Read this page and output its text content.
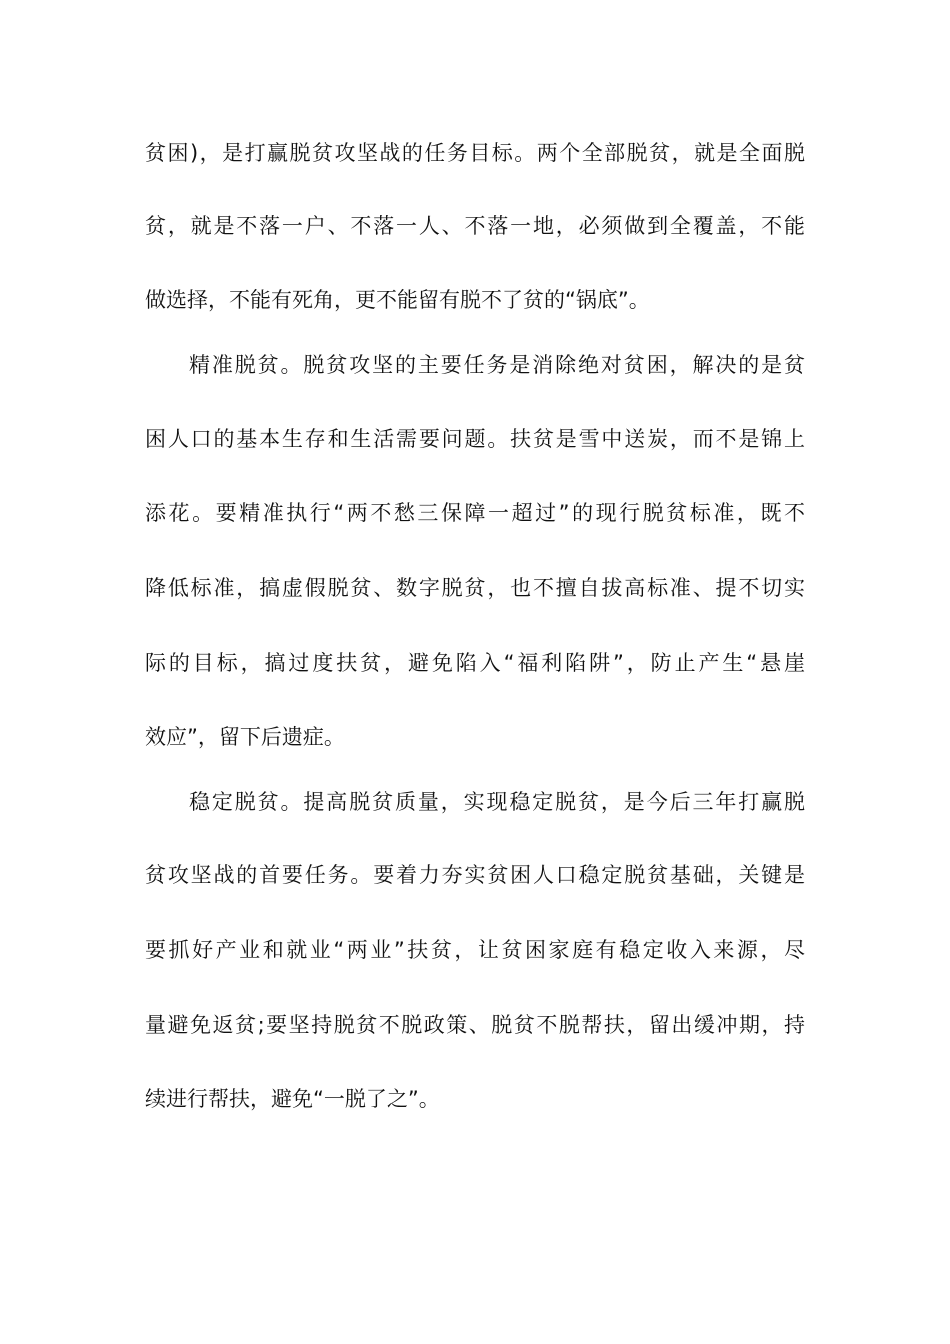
贫困)，是打赢脱贫攻坚战的任务目标。两个全部脱贫，就是全面脱
贫，就是不落一户、不落一人、不落一地，必须做到全覆盖，不能
做选择，不能有死角，更不能留有脱不了贫的“锅底”。
精准脱贫。脱贫攻坚的主要任务是消除绝对贫困，解决的是贫
困人口的基本生存和生活需要问题。扶贫是雪中送炭，而不是锦上
添花。要精准执行“两不愁三保障一超过”的现行脱贫标准，既不
降低标准，搞虚假脱贫、数字脱贫，也不擅自拔高标准、提不切实
际的目标，搞过度扶贫，避免陷入“福利陷阱”，防止产生“悬崖
效应”，留下后遗症。
稳定脱贫。提高脱贫质量，实现稳定脱贫，是今后三年打赢脱
贫攻坚战的首要任务。要着力夯实贫困人口稳定脱贫基础，关键是
要抓好产业和就业“两业”扶贫，让贫困家庭有稳定收入来源，尽
量避免返贫;要坚持脱贫不脱政策、脱贫不脱帮扶，留出缓冲期，持
续进行帮扶，避免“一脱了之”。
